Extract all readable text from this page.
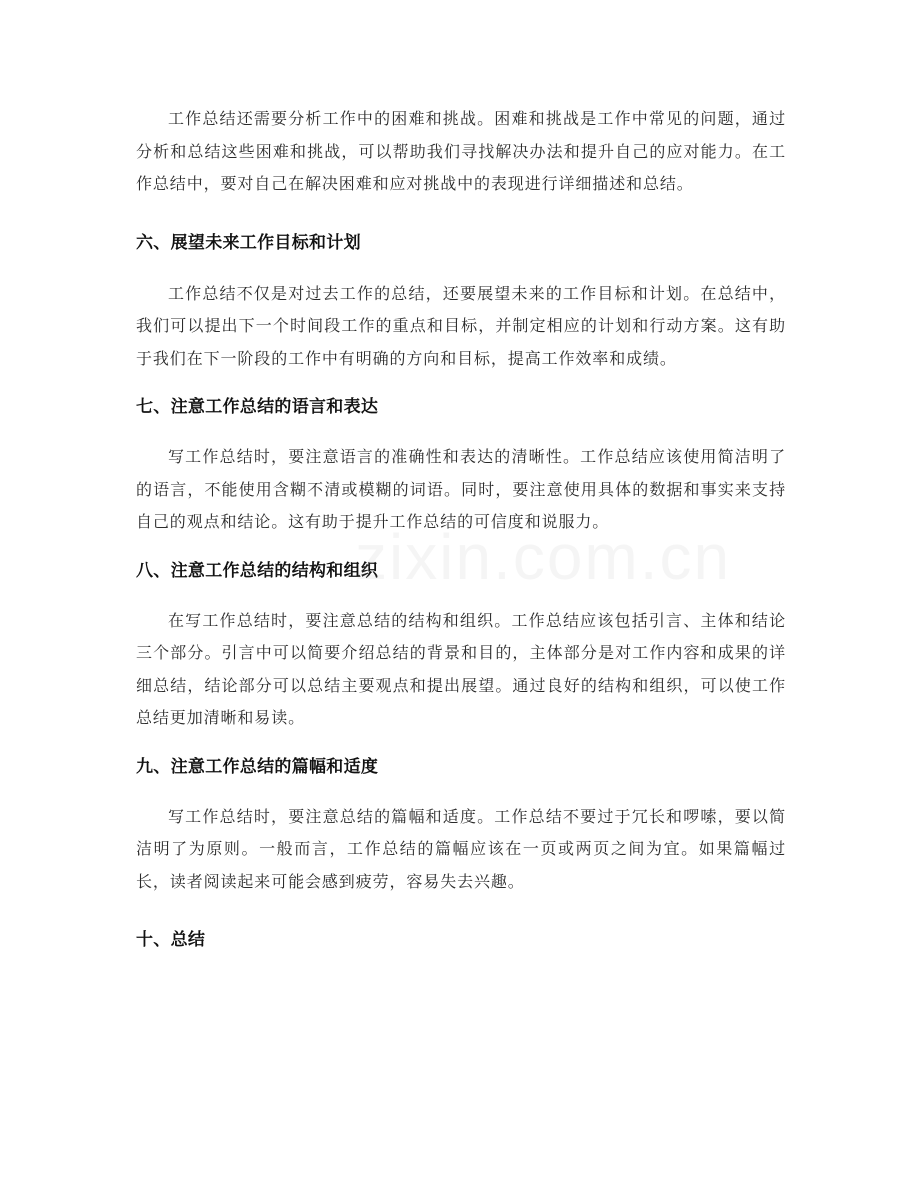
工作总结还需要分析工作中的困难和挑战。困难和挑战是工作中常见的问题，通过分析和总结这些困难和挑战，可以帮助我们寻找解决办法和提升自己的应对能力。在工作总结中，要对自己在解决困难和应对挑战中的表现进行详细描述和总结。

六、展望未来工作目标和计划

工作总结不仅是对过去工作的总结，还要展望未来的工作目标和计划。在总结中，我们可以提出下一个时间段工作的重点和目标，并制定相应的计划和行动方案。这有助于我们在下一阶段的工作中有明确的方向和目标，提高工作效率和成绩。

七、注意工作总结的语言和表达

写工作总结时，要注意语言的准确性和表达的清晰性。工作总结应该使用简洁明了的语言，不能使用含糊不清或模糊的词语。同时，要注意使用具体的数据和事实来支持自己的观点和结论。这有助于提升工作总结的可信度和说服力。

八、注意工作总结的结构和组织

在写工作总结时，要注意总结的结构和组织。工作总结应该包括引言、主体和结论三个部分。引言中可以简要介绍总结的背景和目的，主体部分是对工作内容和成果的详细总结，结论部分可以总结主要观点和提出展望。通过良好的结构和组织，可以使工作总结更加清晰和易读。

九、注意工作总结的篇幅和适度

写工作总结时，要注意总结的篇幅和适度。工作总结不要过于冗长和啰嗦，要以简洁明了为原则。一般而言，工作总结的篇幅应该在一页或两页之间为宜。如果篇幅过长，读者阅读起来可能会感到疲劳，容易失去兴趣。

十、总结
zixin.com.cn
